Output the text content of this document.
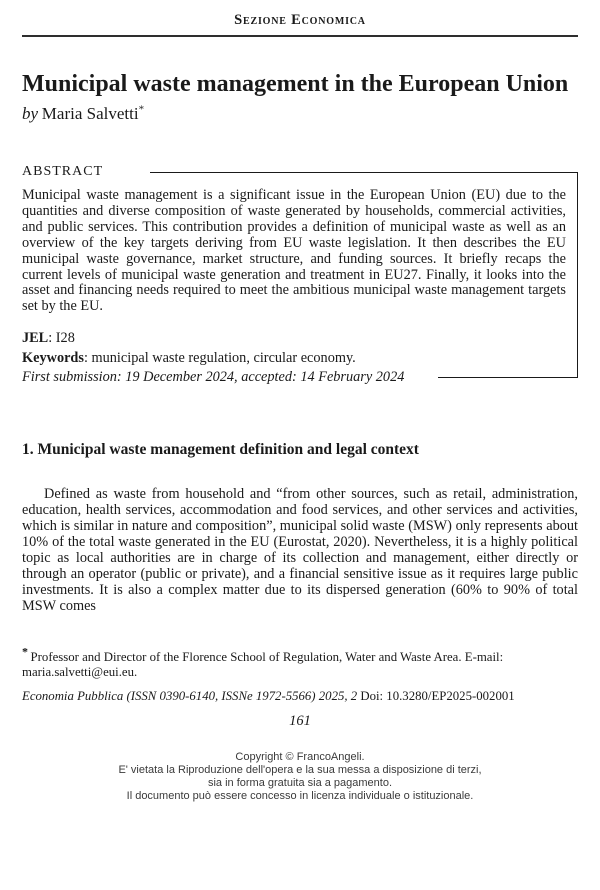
Sezione Economica
Municipal waste management in the European Union
by Maria Salvetti*
ABSTRACT

Municipal waste management is a significant issue in the European Union (EU) due to the quantities and diverse composition of waste generated by households, commercial activities, and public services. This contribution provides a definition of municipal waste as well as an overview of the key targets deriving from EU waste legislation. It then describes the EU municipal waste governance, market structure, and funding sources. It briefly recaps the current levels of municipal waste generation and treatment in EU27. Finally, it looks into the asset and financing needs required to meet the ambitious municipal waste management targets set by the EU.

JEL: I28

Keywords: municipal waste regulation, circular economy.

First submission: 19 December 2024, accepted: 14 February 2024

1. Municipal waste management definition and legal context

Defined as waste from household and “from other sources, such as retail, administration, education, health services, accommodation and food services, and other services and activities, which is similar in nature and composition”, municipal solid waste (MSW) only represents about 10% of the total waste generated in the EU (Eurostat, 2020). Nevertheless, it is a highly political topic as local authorities are in charge of its collection and management, either directly or through an operator (public or private), and a financial sensitive issue as it requires large public investments. It is also a complex matter due to its dispersed generation (60% to 90% of total MSW comes

* Professor and Director of the Florence School of Regulation, Water and Waste Area. E-mail: maria.salvetti@eui.eu.
Economia Pubblica (ISSN 0390-6140, ISSNe 1972-5566) 2025, 2 Doi: 10.3280/EP2025-002001
161
Copyright © FrancoAngeli.
E' vietata la Riproduzione dell'opera e la sua messa a disposizione di terzi,
sia in forma gratuita sia a pagamento.
Il documento può essere concesso in licenza individuale o istituzionale.
